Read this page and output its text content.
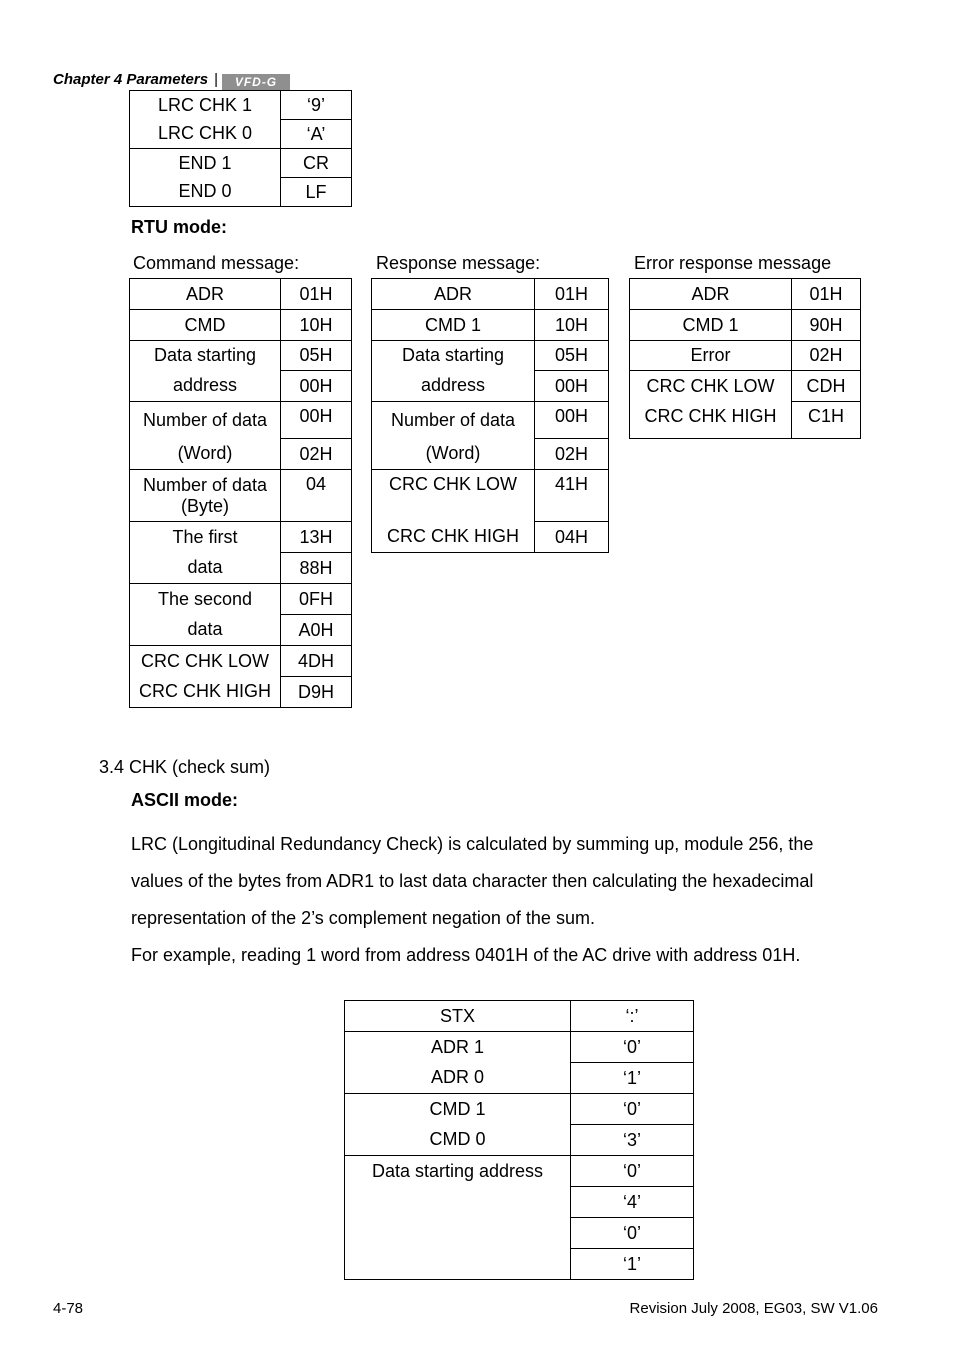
Chapter 4 Parameters | VFD-G
LRC CHK 1	‘9’
LRC CHK 0	‘A’
END 1	CR
END 0	LF
RTU mode:
Command message:	Response message:	Error response message
ADR	01H
CMD	10H
Data starting	05H
address	00H
Number of data	00H
(Word)	02H
Number of data (Byte)	04
The first	13H
data	88H
The second	0FH
data	A0H
CRC CHK LOW	4DH
CRC CHK HIGH	D9H
ADR	01H
CMD 1	10H
Data starting	05H
address	00H
Number of data	00H
(Word)	02H
CRC CHK LOW	41H
CRC CHK HIGH	04H
ADR	01H
CMD 1	90H
Error	02H
CRC CHK LOW	CDH
CRC CHK HIGH	C1H
3.4 CHK (check sum)
ASCII mode:
LRC (Longitudinal Redundancy Check) is calculated by summing up, module 256, the
values of the bytes from ADR1 to last data character then calculating the hexadecimal
representation of the 2’s complement negation of the sum.
For example, reading 1 word from address 0401H of the AC drive with address 01H.
STX	‘:’
ADR 1	‘0’
ADR 0	‘1’
CMD 1	‘0’
CMD 0	‘3’
Data starting address	‘0’
	‘4’
	‘0’
	‘1’
4-78	Revision July 2008, EG03, SW V1.06
